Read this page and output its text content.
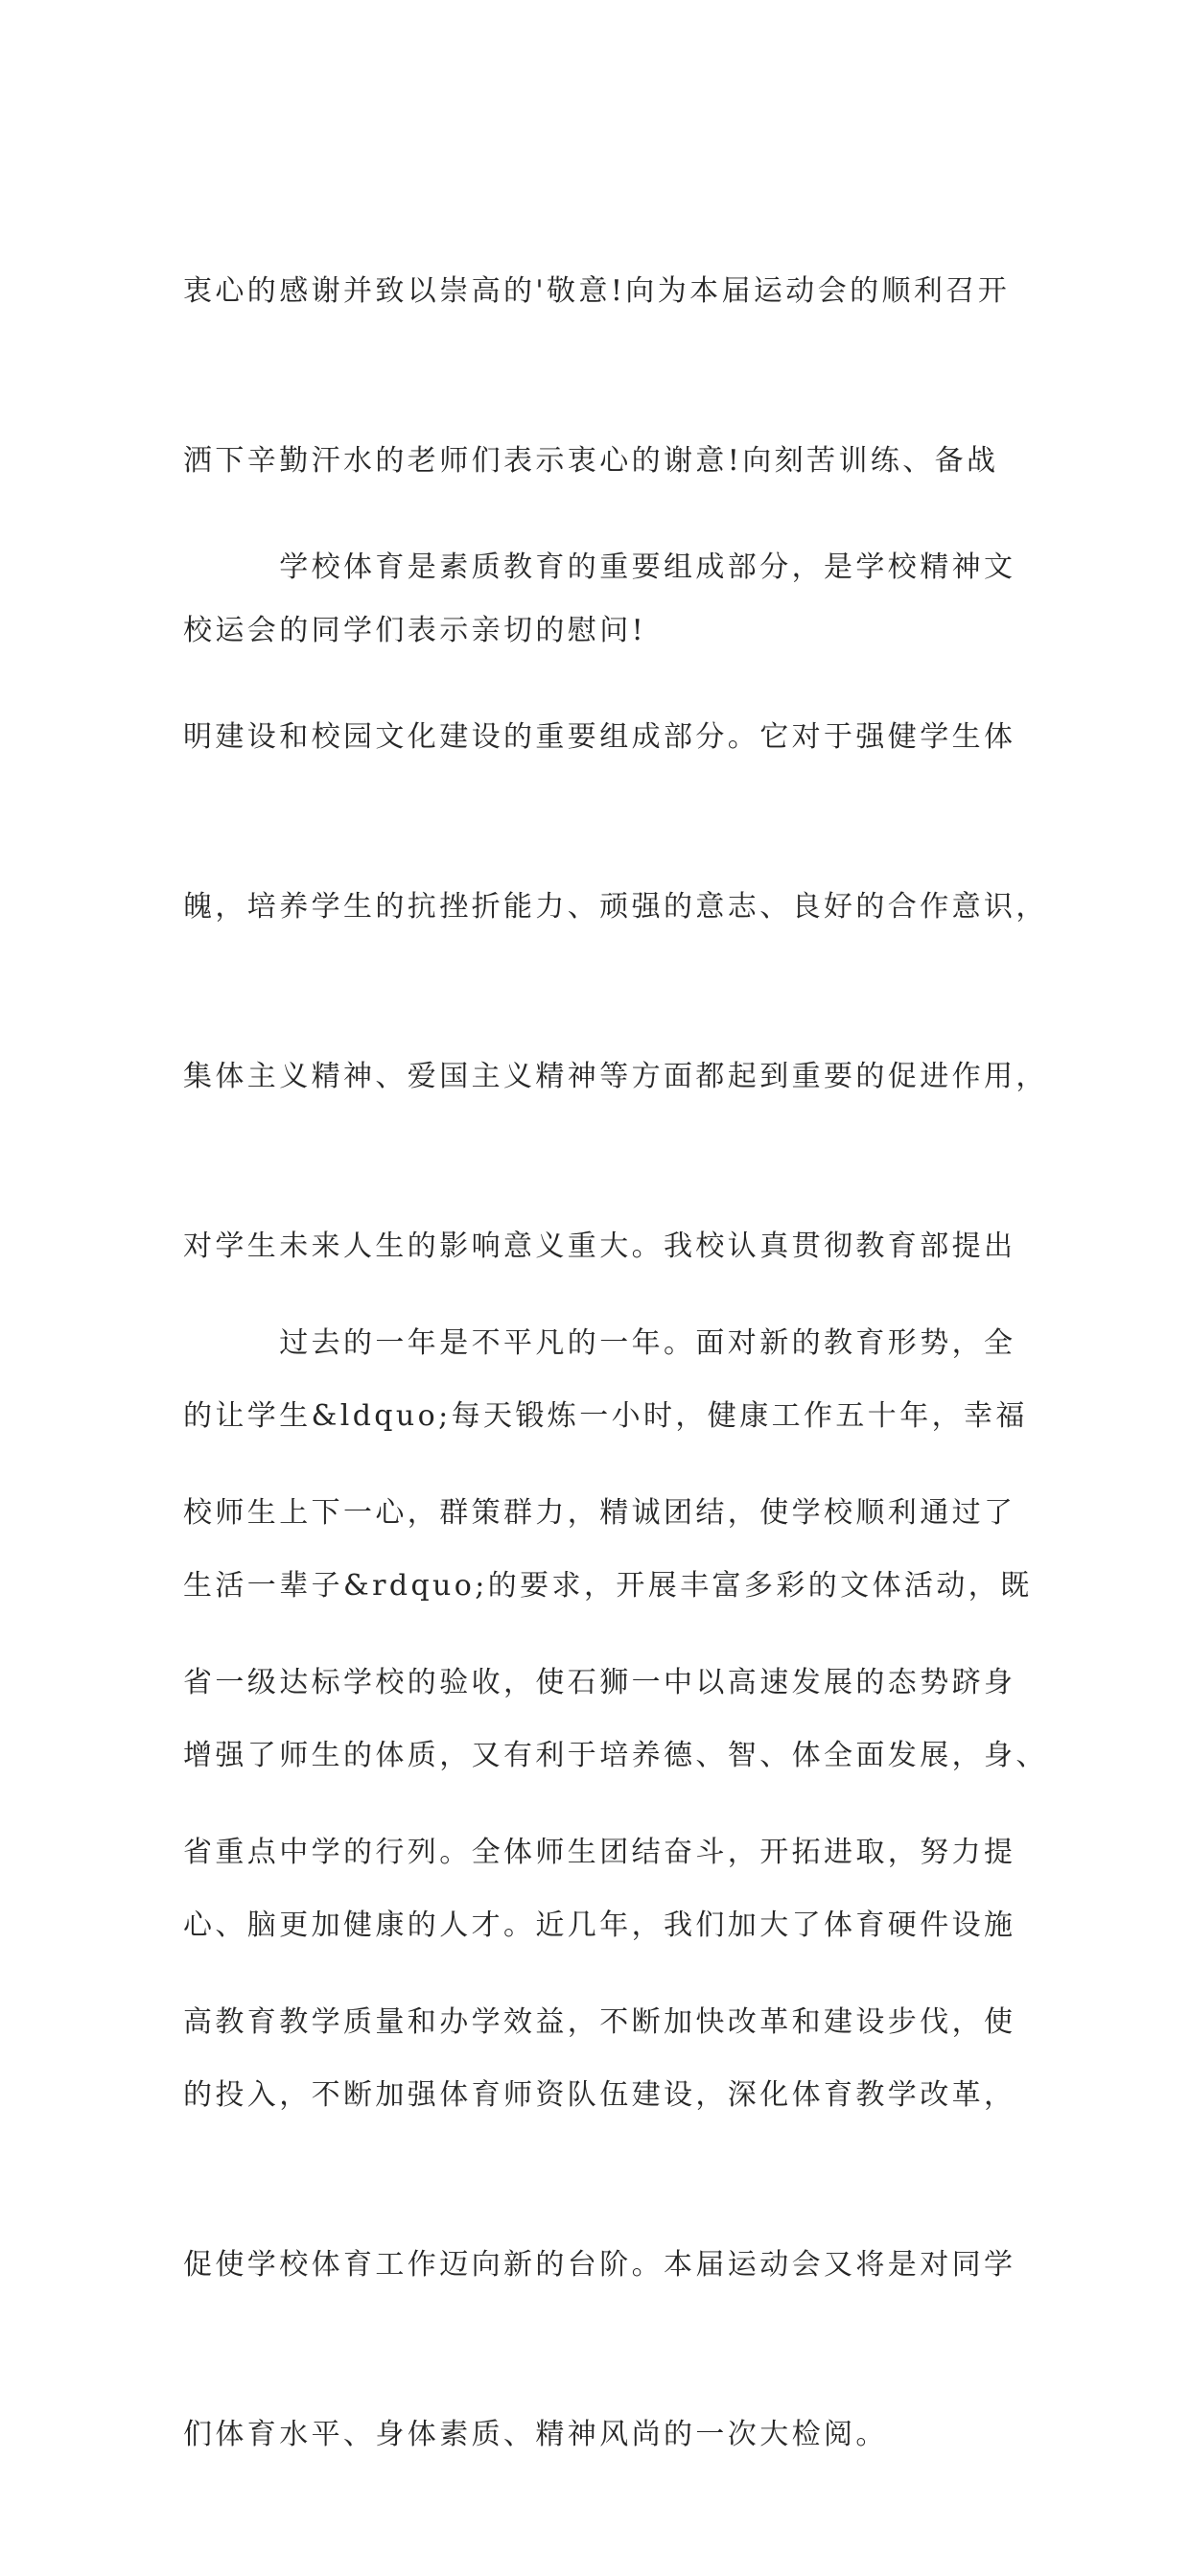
衷心的感谢并致以崇高的'敬意!向为本届运动会的顺利召开

洒下辛勤汗水的老师们表示衷心的谢意!向刻苦训练、备战

校运会的同学们表示亲切的慰问!

　　　学校体育是素质教育的重要组成部分，是学校精神文

明建设和校园文化建设的重要组成部分。它对于强健学生体

魄，培养学生的抗挫折能力、顽强的意志、良好的合作意识，

集体主义精神、爱国主义精神等方面都起到重要的促进作用，

对学生未来人生的影响意义重大。我校认真贯彻教育部提出

的让学生&ldquo;每天锻炼一小时，健康工作五十年，幸福

生活一辈子&rdquo;的要求，开展丰富多彩的文体活动，既

增强了师生的体质，又有利于培养德、智、体全面发展，身、

心、脑更加健康的人才。近几年，我们加大了体育硬件设施

的投入，不断加强体育师资队伍建设，深化体育教学改革，

促使学校体育工作迈向新的台阶。本届运动会又将是对同学

们体育水平、身体素质、精神风尚的一次大检阅。

　　　过去的一年是不平凡的一年。面对新的教育形势，全

校师生上下一心，群策群力，精诚团结，使学校顺利通过了

省一级达标学校的验收，使石狮一中以高速发展的态势跻身

省重点中学的行列。全体师生团结奋斗，开拓进取，努力提

高教育教学质量和办学效益，不断加快改革和建设步伐，使
